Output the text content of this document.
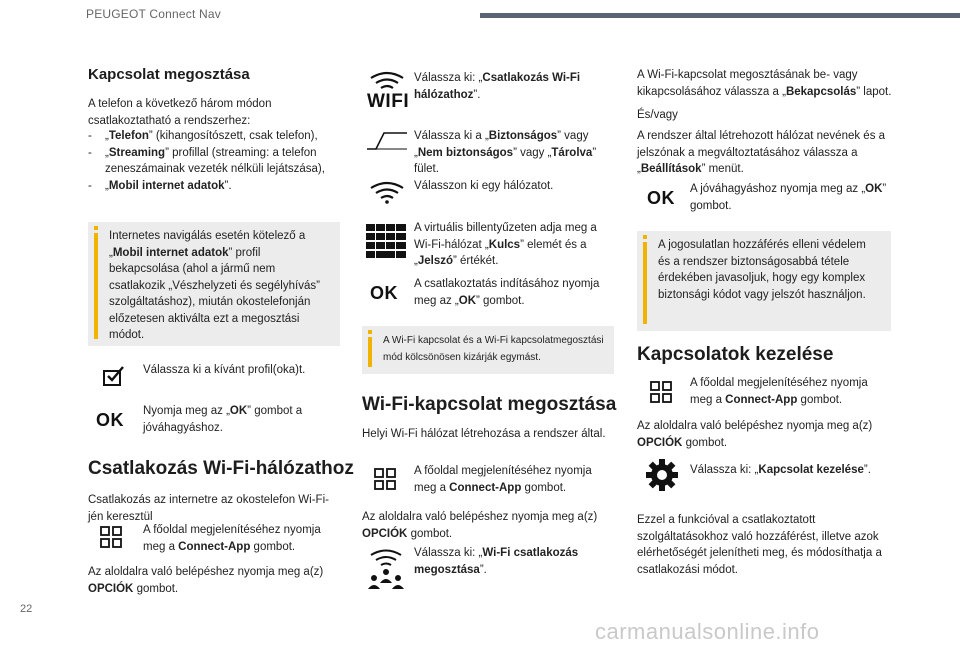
PEUGEOT Connect Nav
Kapcsolat megosztása

A telefon a következő három módon csatlakoztatható a rendszerhez:

- „Telefon” (kihangosítószett, csak telefon),
- „Streaming” profillal (streaming: a telefon zeneszámainak vezeték nélküli lejátszása),
- „Mobil internet adatok”.

Internetes navigálás esetén kötelező a „Mobil internet adatok” profil bekapcsolása (ahol a jármű nem csatlakozik „Vészhelyzeti és segélyhívás” szolgáltatáshoz), miután okostelefonján előzetesen aktiválta ezt a megosztási módot.

Válassza ki a kívánt profil(oka)t.

OK Nyomja meg az „OK” gombot a jóváhagyáshoz.

Csatlakozás Wi-Fi-hálózathoz

Csatlakozás az internetre az okostelefon Wi-Fi-jén keresztül

A főoldal megjelenítéséhez nyomja meg a Connect-App gombot.

Az aloldalra való belépéshez nyomja meg a(z) OPCIÓK gombot.

WIFI

Válassza ki: „Csatlakozás Wi-Fi hálózathoz”.

Válassza ki a „Biztonságos” vagy „Nem biztonságos” vagy „Tárolva” fület.
Válasszon ki egy hálózatot.

A virtuális billentyűzeten adja meg a Wi-Fi-hálózat „Kulcs” elemét és a „Jelszó” értékét.

OK A csatlakoztatás indításához nyomja meg az „OK” gombot.

A Wi-Fi kapcsolat és a Wi-Fi kapcsolatmegosztási mód kölcsönösen kizárják egymást.

Wi-Fi-kapcsolat megosztása

Helyi Wi-Fi hálózat létrehozása a rendszer által.

A főoldal megjelenítéséhez nyomja meg a Connect-App gombot.

Az aloldalra való belépéshez nyomja meg a(z) OPCIÓK gombot.

Válassza ki: „Wi-Fi csatlakozás megosztása”.

A Wi-Fi-kapcsolat megosztásának be- vagy kikapcsolásához válassza a „Bekapcsolás” lapot.

És/vagy

A rendszer által létrehozott hálózat nevének és a jelszónak a megváltoztatásához válassza a „Beállítások” menüt.

OK A jóváhagyáshoz nyomja meg az „OK” gombot.

A jogosulatlan hozzáférés elleni védelem és a rendszer biztonságosabbá tétele érdekében javasoljuk, hogy egy komplex biztonsági kódot vagy jelszót használjon.

Kapcsolatok kezelése

A főoldal megjelenítéséhez nyomja meg a Connect-App gombot.

Az aloldalra való belépéshez nyomja meg a(z) OPCIÓK gombot.

Válassza ki: „Kapcsolat kezelése”.

Ezzel a funkcióval a csatlakoztatott szolgáltatásokhoz való hozzáférést, illetve azok elérhetőségét jelenítheti meg, és módosíthatja a csatlakozási módot.

22
carmanualsonline.info
